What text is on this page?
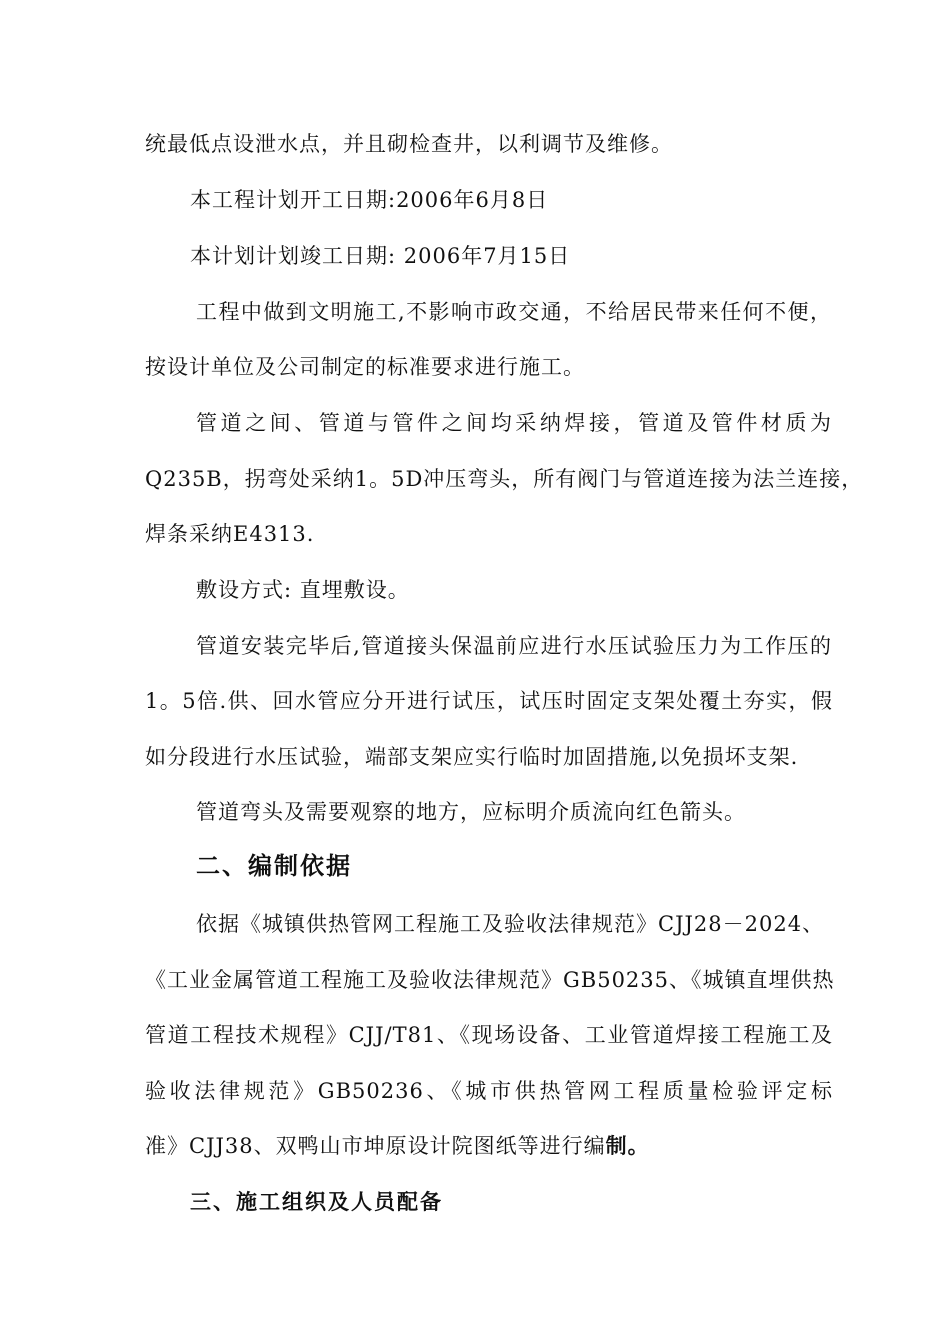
统最低点设泄水点，并且砌检查井，以利调节及维修。
本工程计划开工日期:2006年6月8日
本计划计划竣工日期: 2006年7月15日
工程中做到文明施工,不影响市政交通，不给居民带来任何不便，
按设计单位及公司制定的标准要求进行施工。
管道之间、管道与管件之间均采纳焊接，管道及管件材质为
Q235B，拐弯处采纳1。5D冲压弯头，所有阀门与管道连接为法兰连接，
焊条采纳E4313.
敷设方式: 直埋敷设。
管道安装完毕后,管道接头保温前应进行水压试验压力为工作压的
1。5倍.供、回水管应分开进行试压，试压时固定支架处覆土夯实，假
如分段进行水压试验，端部支架应实行临时加固措施,以免损坏支架.
管道弯头及需要观察的地方，应标明介质流向红色箭头。
二、编制依据
依据《城镇供热管网工程施工及验收法律规范》CJJ28－2024、
《工业金属管道工程施工及验收法律规范》GB50235、《城镇直埋供热
管道工程技术规程》CJJ/T81、《现场设备、工业管道焊接工程施工及
验收法律规范》GB50236、《城市供热管网工程质量检验评定标
准》CJJ38、双鸭山市坤原设计院图纸等进行编制。
三、施工组织及人员配备
